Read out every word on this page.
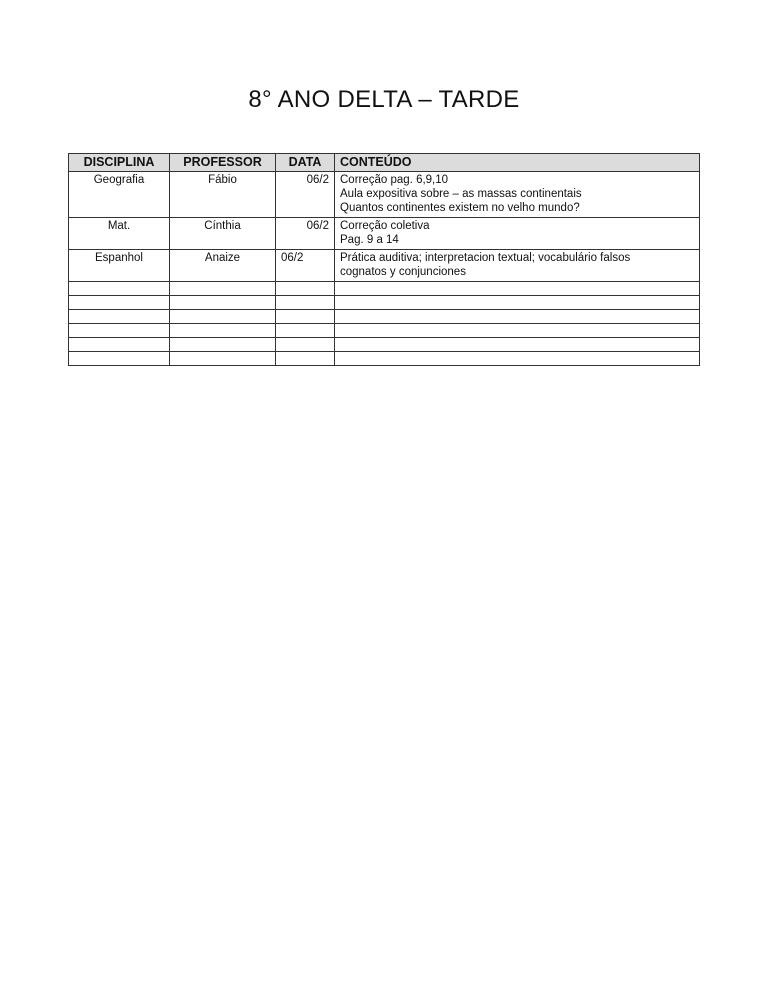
8° ANO DELTA – TARDE
DISCIPLINA	PROFESSOR	DATA	CONTEÚDO
Geografia	Fábio	06/2	Correção pag. 6,9,10
Aula expositiva sobre – as massas continentais
Quantos continentes existem no velho mundo?

Mat.	Cínthia	06/2	Correção coletiva
Pag. 9 a 14

Espanhol	Anaize	06/2	Prática auditiva; interpretacion textual; vocabulário falsos
cognatos y conjunciones
